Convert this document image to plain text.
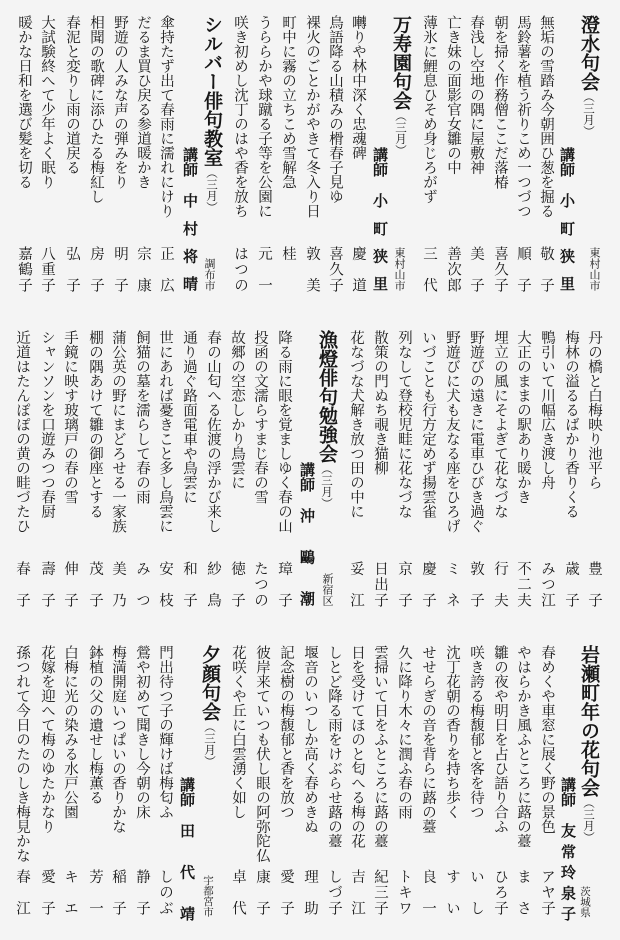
澄水句会（三月）
東村山市
講師
小町狭里
無垢の雪踏み今朝囲ひ葱を掘る
敬子
馬鈴薯を植う祈りこめ一つづつ
順子
朝を掃く作務僧ここだ落椿
喜久子
春浅し空地の隅に屋敷神
美子
亡き妹の面影官女雛の中
善次郎
薄氷に鯉息ひそめ身じろがず
三代
万寿園句会（三月）
東村山市
講師
小町狭里
囀りや林中深く忠魂碑
慶道
鳥語降る山積みの榾春子見ゆ
喜久子
裸火のごとかがやきて冬入り日
敦美
町中に霧の立ちこめ雪解急
桂
うららかや球蹴る子等を公園に
元一
咲き初めし沈丁のはや香を放ち
はつの
シルバー俳句教室（三月）
調布市
講師
中村将晴
傘持たず出て春雨に濡れにけり
正広
だるま買ひ戻る参道暖かき
宗康
野遊の人みな声の弾みをり
明子
相聞の歌碑に添ひたる梅紅し
房子
春泥と変りし雨の道戻る
弘子
大試験終へて少年よく眠り
八重子
暖かな日和を選び髪を切る
嘉鶴子
丹の橋と白梅映り池平ら
豊子
梅林の溢るるばかり香りくる
歳子
鴨引いて川幅広き渡し舟
みつ江
大正のままの駅あり暖かき
不二夫
埋立の風にそよぎて花なづな
行夫
野遊びの遠きに電車ひびき過ぐ
敦子
野遊びに犬も友なる座をひろげ
ミネ
いづことも行方定めず揚雲雀
慶子
列なして登校児畦に花なづな
京子
散策の門ぬち覗き猫柳
日出子
花なづな犬解き放つ田の中に
妥江
漁燈俳句勉強会（三月）
新宿区
講師
沖鷗潮
降る雨に眼を覚ましゆく春の山
璋子
投函の文濡らすまじ春の雪
たつの
故郷の空恋しかり鳥雲に
徳子
春の山匂へる佐渡の浮かび来し
紗鳥
通り過ぐ路面電車や鳥雲に
和子
世にあれば憂きこと多し鳥雲に
安枝
飼猫の墓を濡らして春の雨
みつ
蒲公英の野にまどろせる一家族
美乃
棚の隅あけて雛の御座とする
茂子
手鏡に映す玻璃戸の春の雪
伸子
シャンソンを口遊みつつ春厨
壽子
近道はたんぽぽの黄の畦づたひ
春子
岩瀬町年の花句会（三月）
茨城県
講師
友常玲泉子
春めくや車窓に展く野の景色
アヤ子
やはらかき風ふところに蕗の薹
まさ
雛の夜や明日を占ひ語り合ふ
ひろ子
咲き誇る梅馥郁と客を待つ
いし
沈丁花朝の香りを持ち歩く
すい
せせらぎの音を背らに蕗の薹
良一
久に降り木々に潤ふ春の雨
トキワ
雲掃いて日をふところに蕗の薹
紀三子
日を受けてほのと匂へる梅の花
吉江
しとど降る雨をけぶらせ蕗の薹
しづ子
堰音のいつしか高く春めきぬ
理助
記念樹の梅馥郁と香を放つ
愛子
彼岸来ていつも伏し眼の阿弥陀仏
康子
花咲くや丘に白雲湧く如し
卓代
夕顔句会（三月）
宇都宮市
講師
田代靖
門出待つ子の輝けば梅匂ふ
しのぶ
鶯や初めて聞きし今朝の床
静子
梅満開庭いつぱいの香りかな
稲子
鉢植の父の遺せし梅薫る
芳一
白梅に光の染みる水戸公園
キエ
花嫁を迎へて梅のゆたかなり
愛子
孫つれて今日のたのしき梅見かな
春江
